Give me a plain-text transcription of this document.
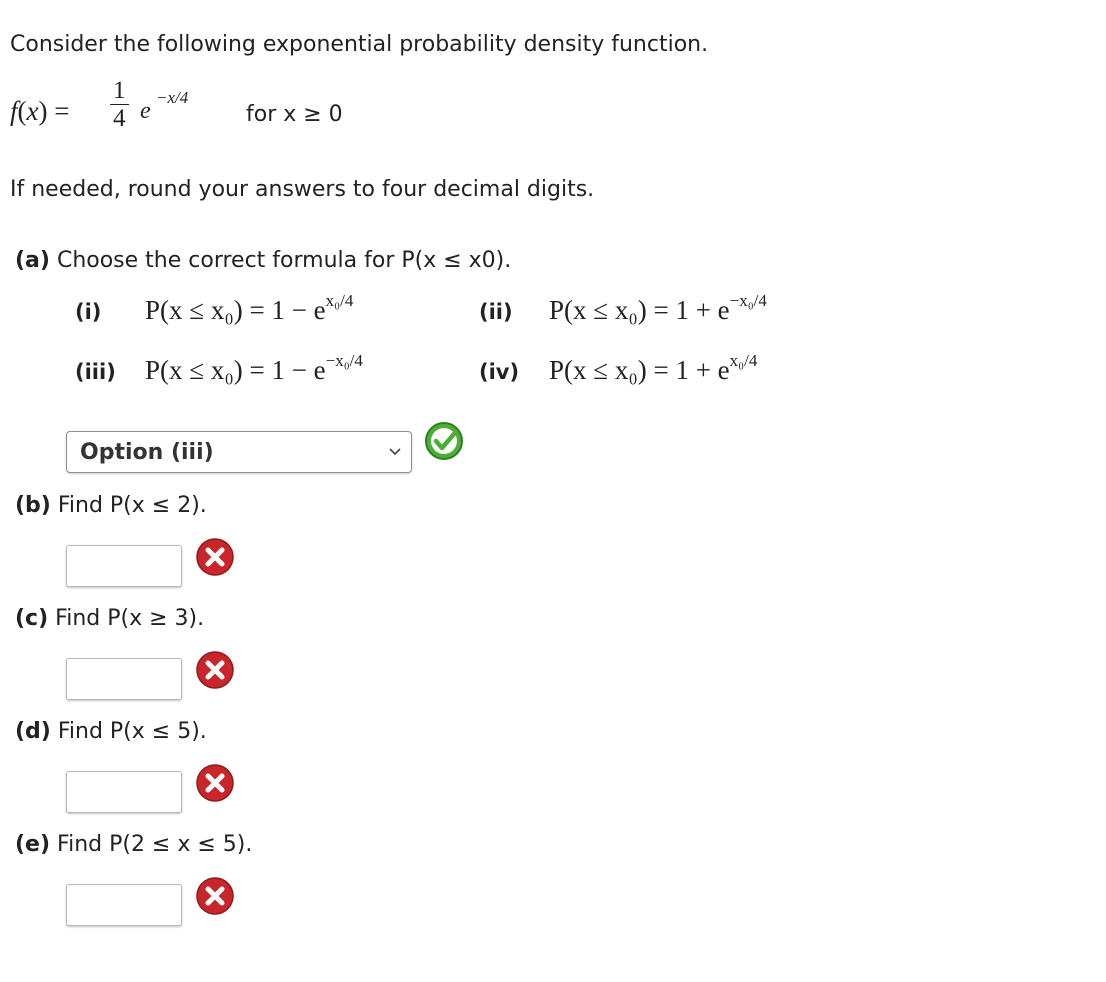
Consider the following exponential probability density function.
$f(x) = \frac{1}{4}$ e
−x/4
for x ≥ 0
If needed, round your answers to four decimal digits.
(a) Choose the correct formula for P(x ≤ x0).
(i) $P(x \le x_0) = 1 - e^{x_0/4}$	(ii) $P(x \le x_0) = 1 + e^{-x_0/4}$
(iii) $P(x \le x_0) = 1 - e^{-x_0/4}$	(iv) $P(x \le x_0) = 1 + e^{x_0/4}$
Option (iii)
(b) Find P(x ≤ 2).
(c) Find P(x ≥ 3).
(d) Find P(x ≤ 5).
(e) Find P(2 ≤ x ≤ 5).
